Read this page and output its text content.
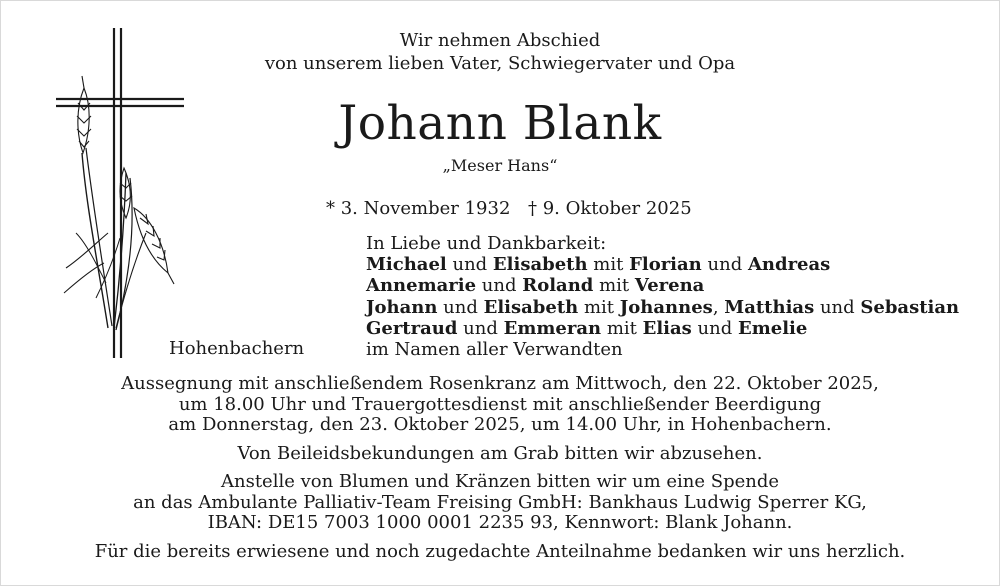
Wir nehmen Abschied
von unserem lieben Vater, Schwiegervater und Opa
Johann Blank
„Meser Hans“
* 3. November 1932 † 9. Oktober 2025
In Liebe und Dankbarkeit:
Michael und Elisabeth mit Florian und Andreas
Annemarie und Roland mit Verena
Johann und Elisabeth mit Johannes, Matthias und Sebastian
Gertraud und Emmeran mit Elias und Emelie
im Namen aller Verwandten
Hohenbachern

Aussegnung mit anschließendem Rosenkranz am Mittwoch, den 22. Oktober 2025,

um 18.00 Uhr und Trauergottesdienst mit anschließender Beerdigung

am Donnerstag, den 23. Oktober 2025, um 14.00 Uhr, in Hohenbachern.

Von Beileidsbekundungen am Grab bitten wir abzusehen.

Anstelle von Blumen und Kränzen bitten wir um eine Spende

an das Ambulante Palliativ-Team Freising GmbH: Bankhaus Ludwig Sperrer KG,

IBAN: DE15 7003 1000 0001 2235 93, Kennwort: Blank Johann.

Für die bereits erwiesene und noch zugedachte Anteilnahme bedanken wir uns herzlich.
